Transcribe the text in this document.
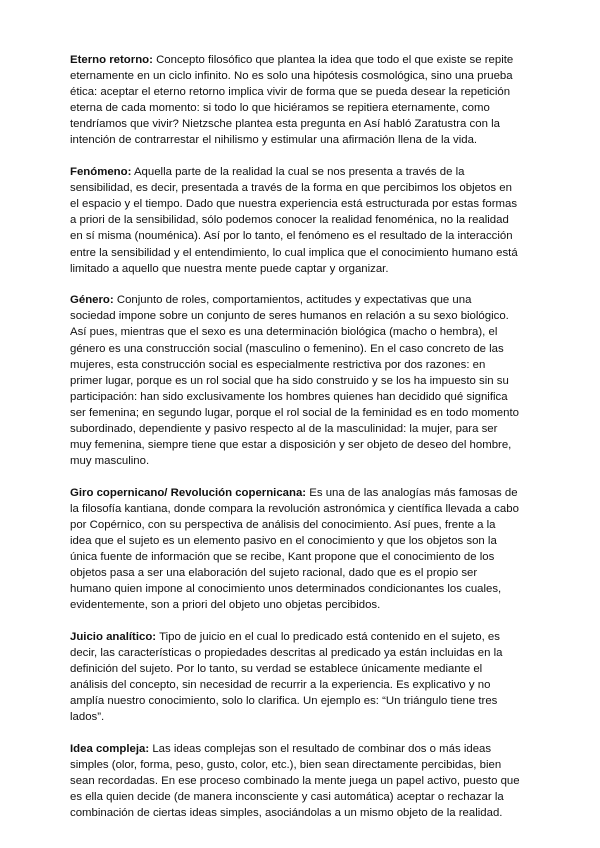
Eterno retorno: Concepto filosófico que plantea la idea que todo el que existe se repite eternamente en un ciclo infinito. No es solo una hipótesis cosmológica, sino una prueba ética: aceptar el eterno retorno implica vivir de forma que se pueda desear la repetición eterna de cada momento: si todo lo que hiciéramos se repitiera eternamente, como tendríamos que vivir? Nietzsche plantea esta pregunta en Así habló Zaratustra con la intención de contrarrestar el nihilismo y estimular una afirmación llena de la vida.

Fenómeno: Aquella parte de la realidad la cual se nos presenta a través de la sensibilidad, es decir, presentada a través de la forma en que percibimos los objetos en el espacio y el tiempo. Dado que nuestra experiencia está estructurada por estas formas a priori de la sensibilidad, sólo podemos conocer la realidad fenoménica, no la realidad en sí misma (nouménica). Así por lo tanto, el fenómeno es el resultado de la interacción entre la sensibilidad y el entendimiento, lo cual implica que el conocimiento humano está limitado a aquello que nuestra mente puede captar y organizar.

Género: Conjunto de roles, comportamientos, actitudes y expectativas que una sociedad impone sobre un conjunto de seres humanos en relación a su sexo biológico. Así pues, mientras que el sexo es una determinación biológica (macho o hembra), el género es una construcción social (masculino o femenino). En el caso concreto de las mujeres, esta construcción social es especialmente restrictiva por dos razones: en primer lugar, porque es un rol social que ha sido construido y se los ha impuesto sin su participación: han sido exclusivamente los hombres quienes han decidido qué significa ser femenina; en segundo lugar, porque el rol social de la feminidad es en todo momento subordinado, dependiente y pasivo respecto al de la masculinidad: la mujer, para ser muy femenina, siempre tiene que estar a disposición y ser objeto de deseo del hombre, muy masculino.

Giro copernicano/ Revolución copernicana: Es una de las analogías más famosas de la filosofía kantiana, donde compara la revolución astronómica y científica llevada a cabo por Copérnico, con su perspectiva de análisis del conocimiento. Así pues, frente a la idea que el sujeto es un elemento pasivo en el conocimiento y que los objetos son la única fuente de información que se recibe, Kant propone que el conocimiento de los objetos pasa a ser una elaboración del sujeto racional, dado que es el propio ser humano quien impone al conocimiento unos determinados condicionantes los cuales, evidentemente, son a priori del objeto uno objetas percibidos.

Juicio analítico: Tipo de juicio en el cual lo predicado está contenido en el sujeto, es decir, las características o propiedades descritas al predicado ya están incluidas en la definición del sujeto. Por lo tanto, su verdad se establece únicamente mediante el análisis del concepto, sin necesidad de recurrir a la experiencia. Es explicativo y no amplía nuestro conocimiento, solo lo clarifica. Un ejemplo es: “Un triángulo tiene tres lados”.

Idea compleja: Las ideas complejas son el resultado de combinar dos o más ideas simples (olor, forma, peso, gusto, color, etc.), bien sean directamente percibidas, bien sean recordadas. En ese proceso combinado la mente juega un papel activo, puesto que es ella quien decide (de manera inconsciente y casi automática) aceptar o rechazar la combinación de ciertas ideas simples, asociándolas a un mismo objeto de la realidad.
